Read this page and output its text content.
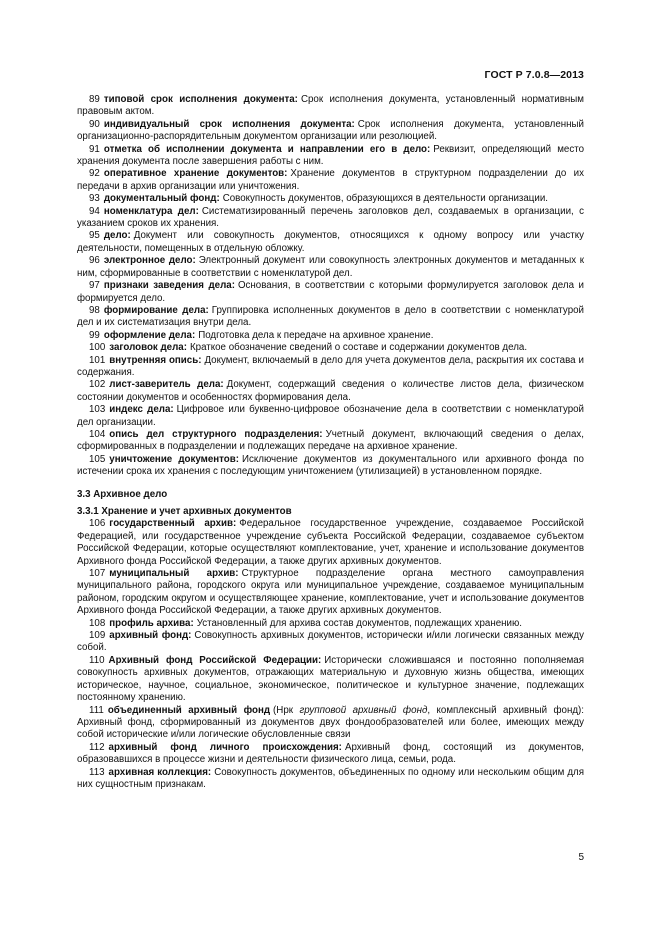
ГОСТ Р 7.0.8—2013

89 типовой срок исполнения документа: Срок исполнения документа, установленный нормативным правовым актом.

90 индивидуальный срок исполнения документа: Срок исполнения документа, установленный организационно-распорядительным документом организации или резолюцией.

91 отметка об исполнении документа и направлении его в дело: Реквизит, определяющий место хранения документа после завершения работы с ним.

92 оперативное хранение документов: Хранение документов в структурном подразделении до их передачи в архив организации или уничтожения.

93 документальный фонд: Совокупность документов, образующихся в деятельности организации.

94 номенклатура дел: Систематизированный перечень заголовков дел, создаваемых в организации, с указанием сроков их хранения.

95 дело: Документ или совокупность документов, относящихся к одному вопросу или участку деятельности, помещенных в отдельную обложку.

96 электронное дело: Электронный документ или совокупность электронных документов и метаданных к ним, сформированные в соответствии с номенклатурой дел.

97 признаки заведения дела: Основания, в соответствии с которыми формулируется заголовок дела и формируется дело.

98 формирование дела: Группировка исполненных документов в дело в соответствии с номенклатурой дел и их систематизация внутри дела.

99 оформление дела: Подготовка дела к передаче на архивное хранение.

100 заголовок дела: Краткое обозначение сведений о составе и содержании документов дела.

101 внутренняя опись: Документ, включаемый в дело для учета документов дела, раскрытия их состава и содержания.

102 лист-заверитель дела: Документ, содержащий сведения о количестве листов дела, физическом состоянии документов и особенностях формирования дела.

103 индекс дела: Цифровое или буквенно-цифровое обозначение дела в соответствии с номенклатурой дел организации.

104 опись дел структурного подразделения: Учетный документ, включающий сведения о делах, сформированных в подразделении и подлежащих передаче на архивное хранение.

105 уничтожение документов: Исключение документов из документального или архивного фонда по истечении срока их хранения с последующим уничтожением (утилизацией) в установленном порядке.

3.3 Архивное дело
3.3.1 Хранение и учет архивных документов

106 государственный архив: Федеральное государственное учреждение, создаваемое Российской Федерацией, или государственное учреждение субъекта Российской Федерации, создаваемое субъектом Российской Федерации, которые осуществляют комплектование, учет, хранение и использование документов Архивного фонда Российской Федерации, а также других архивных документов.

107 муниципальный архив: Структурное подразделение органа местного самоуправления муниципального района, городского округа или муниципальное учреждение, создаваемое муниципальным районом, городским округом и осуществляющее хранение, комплектование, учет и использование документов Архивного фонда Российской Федерации, а также других архивных документов.

108 профиль архива: Установленный для архива состав документов, подлежащих хранению.

109 архивный фонд: Совокупность архивных документов, исторически и/или логически связанных между собой.

110 Архивный фонд Российской Федерации: Исторически сложившаяся и постоянно пополняемая совокупность архивных документов, отражающих материальную и духовную жизнь общества, имеющих историческое, научное, социальное, экономическое, политическое и культурное значение, подлежащих постоянному хранению.

111 объединенный архивный фонд (Нрк групповой архивный фонд, комплексный архивный фонд): Архивный фонд, сформированный из документов двух фондообразователей или более, имеющих между собой исторические и/или логические обусловленные связи

112 архивный фонд личного происхождения: Архивный фонд, состоящий из документов, образовавшихся в процессе жизни и деятельности физического лица, семьи, рода.

113 архивная коллекция: Совокупность документов, объединенных по одному или нескольким общим для них сущностным признакам.

5
